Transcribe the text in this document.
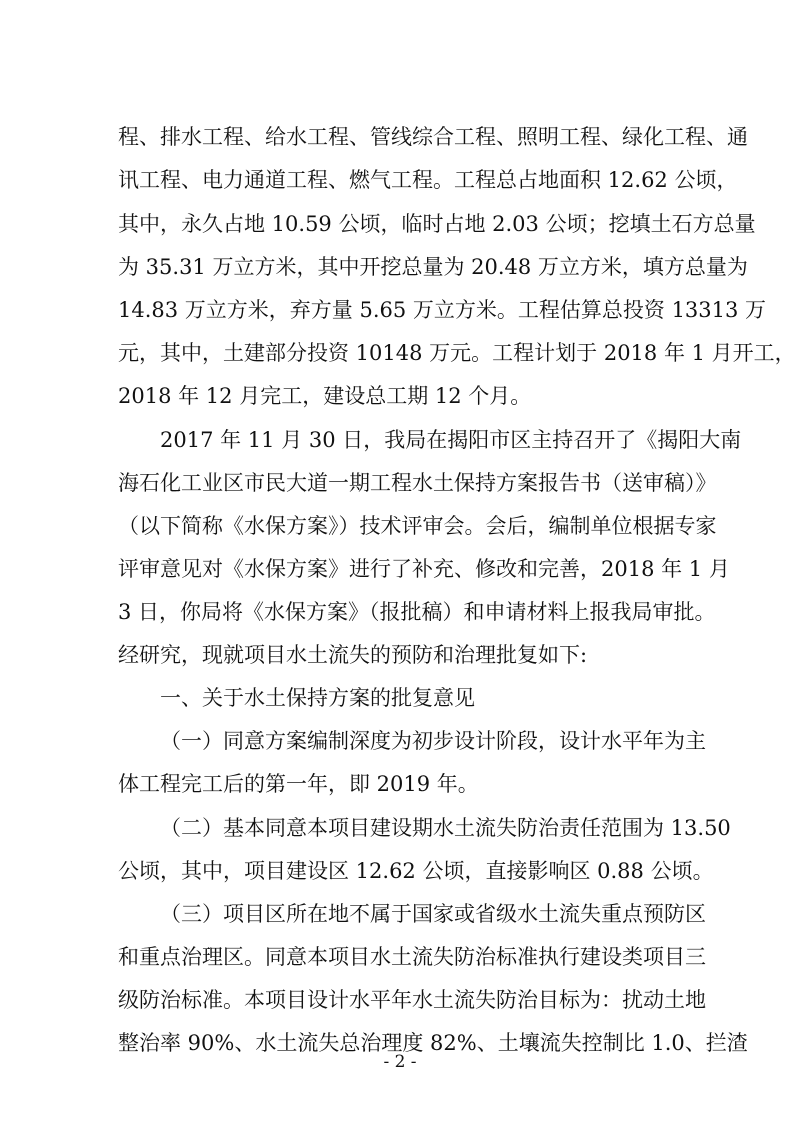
程、排水工程、给水工程、管线综合工程、照明工程、绿化工程、通
讯工程、电力通道工程、燃气工程。工程总占地面积 12.62 公顷，
其中，永久占地 10.59 公顷，临时占地 2.03 公顷；挖填土石方总量
为 35.31 万立方米，其中开挖总量为 20.48 万立方米，填方总量为
14.83 万立方米，弃方量 5.65 万立方米。工程估算总投资 13313 万
元，其中，土建部分投资 10148 万元。工程计划于 2018 年 1 月开工，
2018 年 12 月完工，建设总工期 12 个月。
2017 年 11 月 30 日，我局在揭阳市区主持召开了《揭阳大南
海石化工业区市民大道一期工程水土保持方案报告书（送审稿）》
（以下简称《水保方案》）技术评审会。会后，编制单位根据专家
评审意见对《水保方案》进行了补充、修改和完善，2018 年 1 月
3 日，你局将《水保方案》（报批稿）和申请材料上报我局审批。
经研究，现就项目水土流失的预防和治理批复如下:
一、关于水土保持方案的批复意见
（一）同意方案编制深度为初步设计阶段，设计水平年为主
体工程完工后的第一年，即 2019 年。
（二）基本同意本项目建设期水土流失防治责任范围为 13.50
公顷，其中，项目建设区 12.62 公顷，直接影响区 0.88 公顷。
（三）项目区所在地不属于国家或省级水土流失重点预防区
和重点治理区。同意本项目水土流失防治标准执行建设类项目三
级防治标准。本项目设计水平年水土流失防治目标为：扰动土地
整治率 90%、水土流失总治理度 82%、土壤流失控制比 1.0、拦渣
- 2 -
